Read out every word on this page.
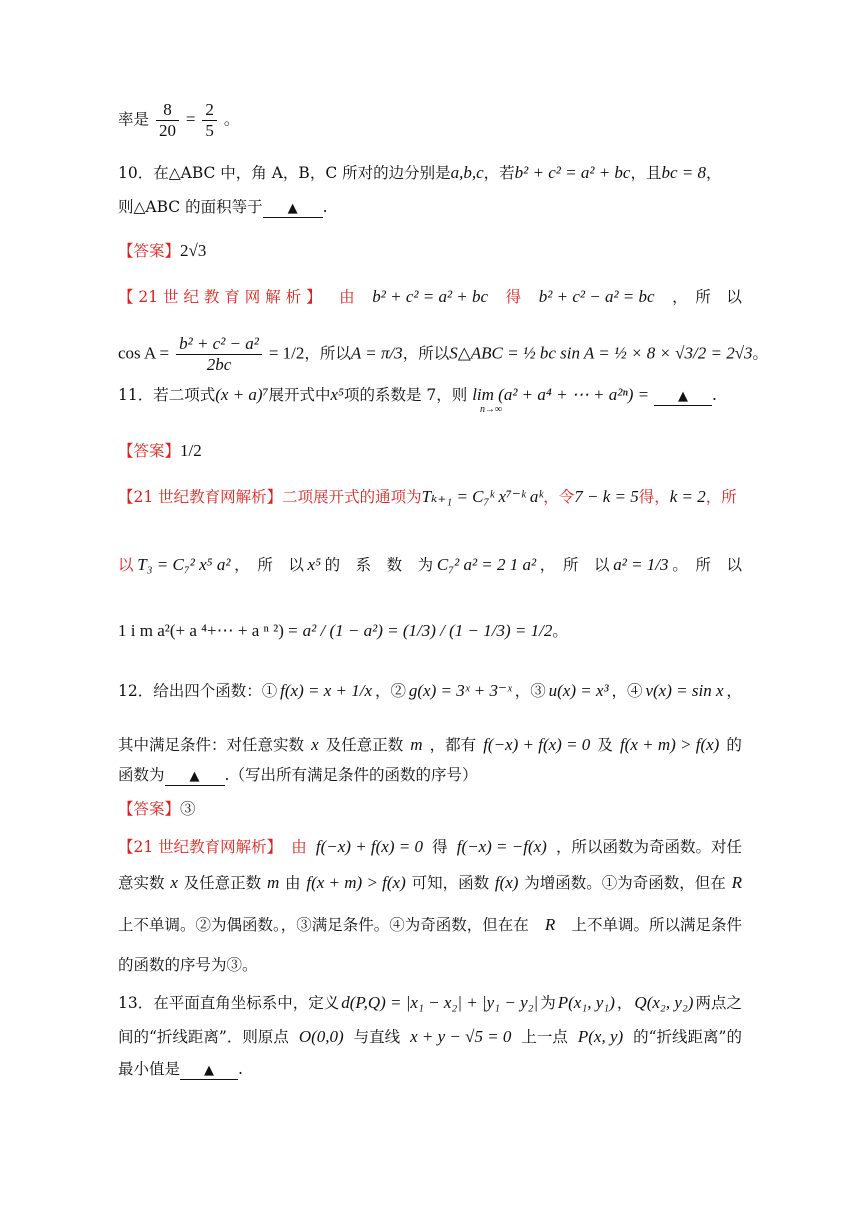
率是 $\frac{8}{20} = \frac{2}{5}$ 。
10．在△ABC 中，角 A，B，C 所对的边分别是a,b,c，若b² + c² = a² + bc，且bc = 8，
则△ABC 的面积等于 ▲ .
【答案】2√3
【 21 世 纪 教 育 网 解 析 】 由 b² + c² = a² + bc 得 b² + c² − a² = bc ，　所　以
$\cos A = \frac{\text{b² + c² − a²}}{2bc} = 1/2$，所以A = π/3，所以S△ABC = ½ bc sin A = ½ × 8 × √3/2 = 2√3。
11．若二项式(x + a)⁷展开式中x⁵项的系数是 7，则 lim (a² + a⁴ + ⋯ + a²ⁿ) = ▲ .
n→∞
【答案】1/2
【21 世纪教育网解析】二项展开式的通项为Tₖ₊₁ = C₇ᵏ x⁷⁻ᵏ aᵏ，令7 − k = 5得，k = 2，所
以 T₃ = C₇² x⁵ a² ，　所　以 x⁵ 的　系　数　为 C₇² a² = 2 1 a² ，　所　以 a² = 1/3 。　所　以
1 i m a²(+ a ⁴+⋯ + a ⁿ ²) = a² / (1 − a²) = (1/3) / (1 − 1/3) = 1/2。
12．给出四个函数：① f(x) = x + 1/x ，② g(x) = 3ˣ + 3⁻ˣ ，③ u(x) = x³ ，④ v(x) = sin x ，
其中满足条件：对任意实数 x 及任意正数 m ，都有 f(−x) + f(x) = 0 及 f(x + m) > f(x) 的
函数为 ▲ .（写出所有满足条件的函数的序号）
【答案】③
【21 世纪教育网解析】 由 f(−x) + f(x) = 0 得 f(−x) = −f(x) ，所以函数为奇函数。对任
意实数 x 及任意正数 m 由 f(x + m) > f(x) 可知，函数 f(x) 为增函数。①为奇函数，但在 R
上不单调。②为偶函数。，③满足条件。④为奇函数，但在在 R 上不单调。所以满足条件
的函数的序号为③。
13．在平面直角坐标系中，定义 d(P,Q) = |x₁ − x₂| + |y₁ − y₂| 为 P(x₁, y₁) ， Q(x₂, y₂) 两点之
间的“折线距离”．则原点 O(0,0) 与直线 x + y − √5 = 0 上一点 P(x, y) 的“折线距离”的
最小值是 ▲ .
